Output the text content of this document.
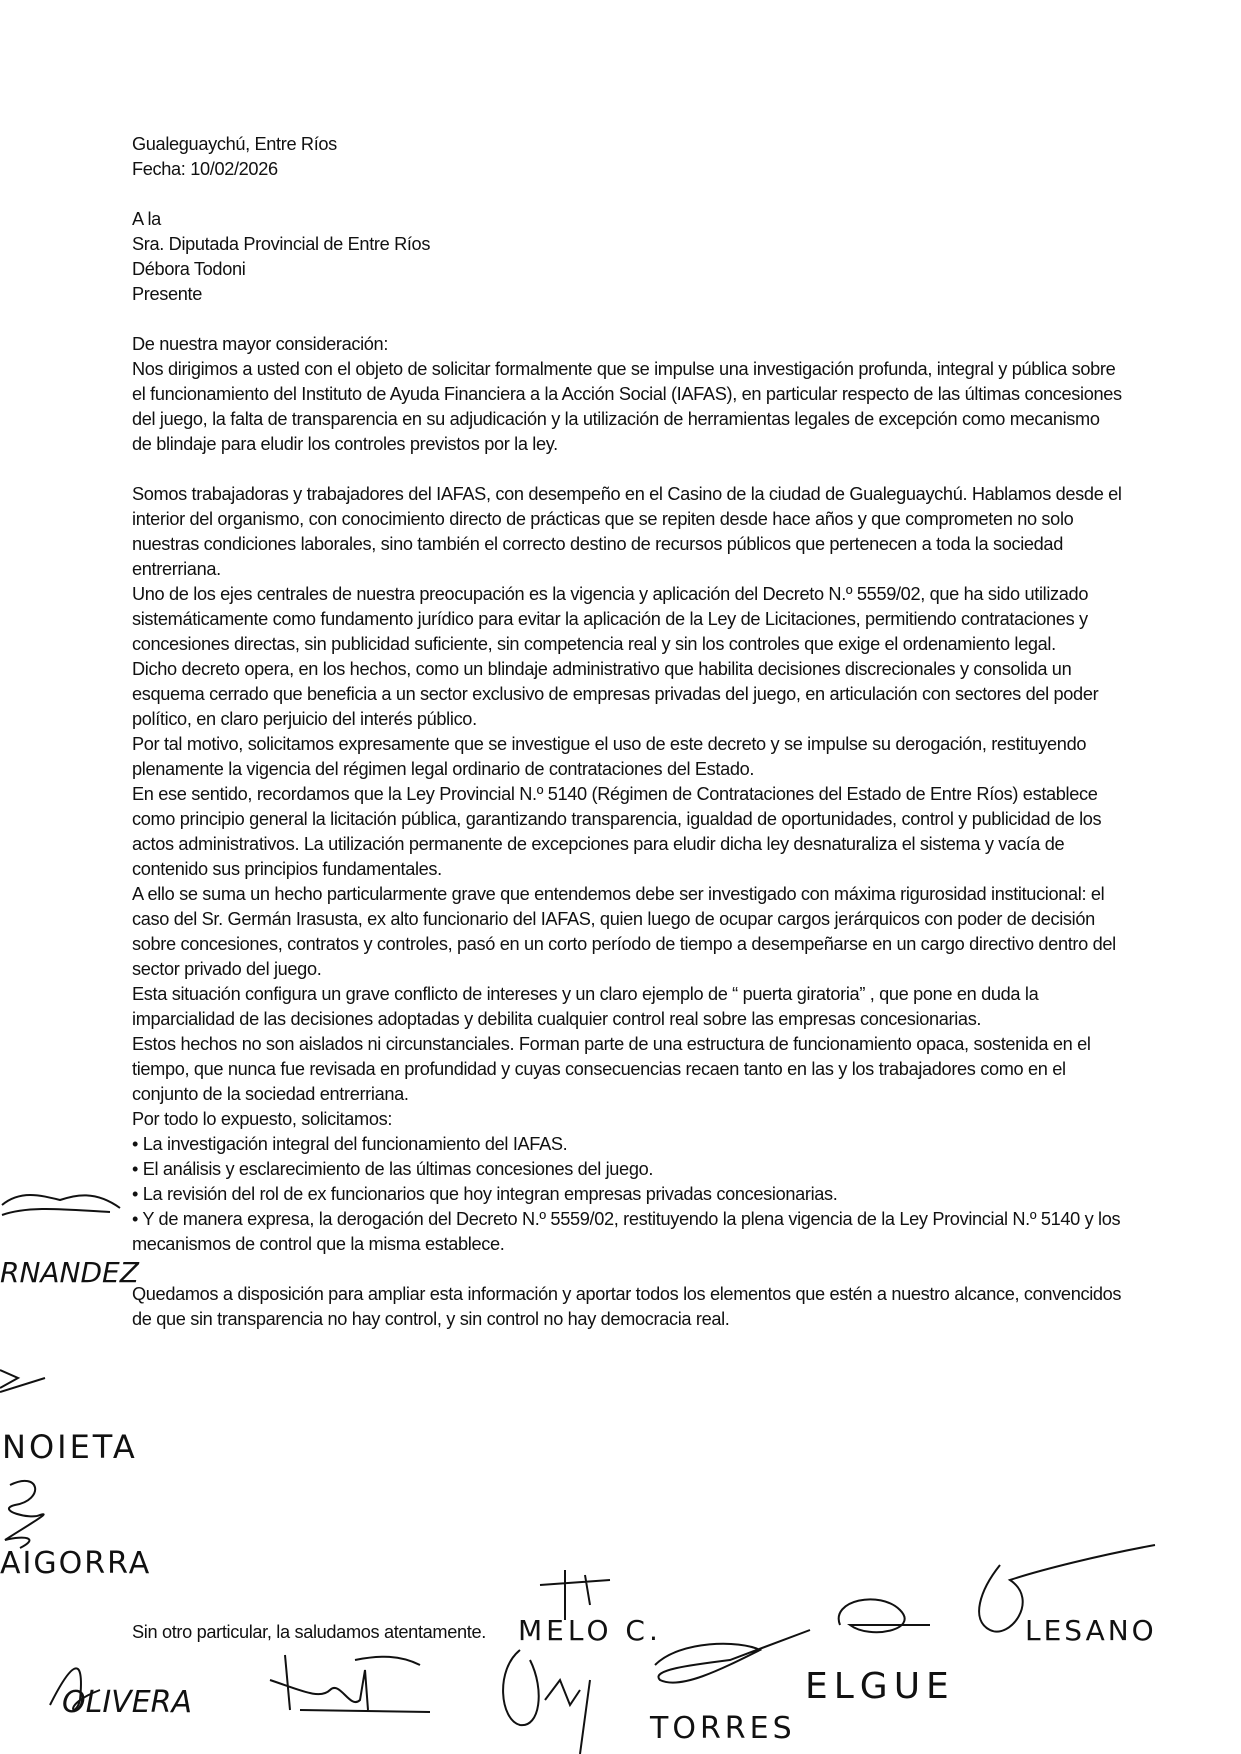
Gualeguaychú, Entre Ríos

Fecha: 10/02/2026

A la

Sra. Diputada Provincial de Entre Ríos

Débora Todoni

Presente

De nuestra mayor consideración:

Nos dirigimos a usted con el objeto de solicitar formalmente que se impulse una investigación profunda, integral y pública sobre el funcionamiento del Instituto de Ayuda Financiera a la Acción Social (IAFAS), en particular respecto de las últimas concesiones del juego, la falta de transparencia en su adjudicación y la utilización de herramientas legales de excepción como mecanismo de blindaje para eludir los controles previstos por la ley.

Somos trabajadoras y trabajadores del IAFAS, con desempeño en el Casino de la ciudad de Gualeguaychú. Hablamos desde el interior del organismo, con conocimiento directo de prácticas que se repiten desde hace años y que comprometen no solo nuestras condiciones laborales, sino también el correcto destino de recursos públicos que pertenecen a toda la sociedad entrerriana.

Uno de los ejes centrales de nuestra preocupación es la vigencia y aplicación del Decreto N.º 5559/02, que ha sido utilizado sistemáticamente como fundamento jurídico para evitar la aplicación de la Ley de Licitaciones, permitiendo contrataciones y concesiones directas, sin publicidad suficiente, sin competencia real y sin los controles que exige el ordenamiento legal.

Dicho decreto opera, en los hechos, como un blindaje administrativo que habilita decisiones discrecionales y consolida un esquema cerrado que beneficia a un sector exclusivo de empresas privadas del juego, en articulación con sectores del poder político, en claro perjuicio del interés público.

Por tal motivo, solicitamos expresamente que se investigue el uso de este decreto y se impulse su derogación, restituyendo plenamente la vigencia del régimen legal ordinario de contrataciones del Estado.

En ese sentido, recordamos que la Ley Provincial N.º 5140 (Régimen de Contrataciones del Estado de Entre Ríos) establece como principio general la licitación pública, garantizando transparencia, igualdad de oportunidades, control y publicidad de los actos administrativos. La utilización permanente de excepciones para eludir dicha ley desnaturaliza el sistema y vacía de contenido sus principios fundamentales.

A ello se suma un hecho particularmente grave que entendemos debe ser investigado con máxima rigurosidad institucional: el caso del Sr. Germán Irasusta, ex alto funcionario del IAFAS, quien luego de ocupar cargos jerárquicos con poder de decisión sobre concesiones, contratos y controles, pasó en un corto período de tiempo a desempeñarse en un cargo directivo dentro del sector privado del juego.

Esta situación configura un grave conflicto de intereses y un claro ejemplo de “ puerta giratoria” , que pone en duda la imparcialidad de las decisiones adoptadas y debilita cualquier control real sobre las empresas concesionarias.

Estos hechos no son aislados ni circunstanciales. Forman parte de una estructura de funcionamiento opaca, sostenida en el tiempo, que nunca fue revisada en profundidad y cuyas consecuencias recaen tanto en las y los trabajadores como en el conjunto de la sociedad entrerriana.

Por todo lo expuesto, solicitamos:

• La investigación integral del funcionamiento del IAFAS.
• El análisis y esclarecimiento de las últimas concesiones del juego.
• La revisión del rol de ex funcionarios que hoy integran empresas privadas concesionarias.
• Y de manera expresa, la derogación del Decreto N.º 5559/02, restituyendo la plena vigencia de la Ley Provincial N.º 5140 y los mecanismos de control que la misma establece.

Quedamos a disposición para ampliar esta información y aportar todos los elementos que estén a nuestro alcance, convencidos de que sin transparencia no hay control, y sin control no hay democracia real.

Sin otro particular, la saludamos atentamente.

RNANDEZ
NOIETA
AIGORRA
MELO C.	LESANO
OLIVERA
TORRES
ELGUE
